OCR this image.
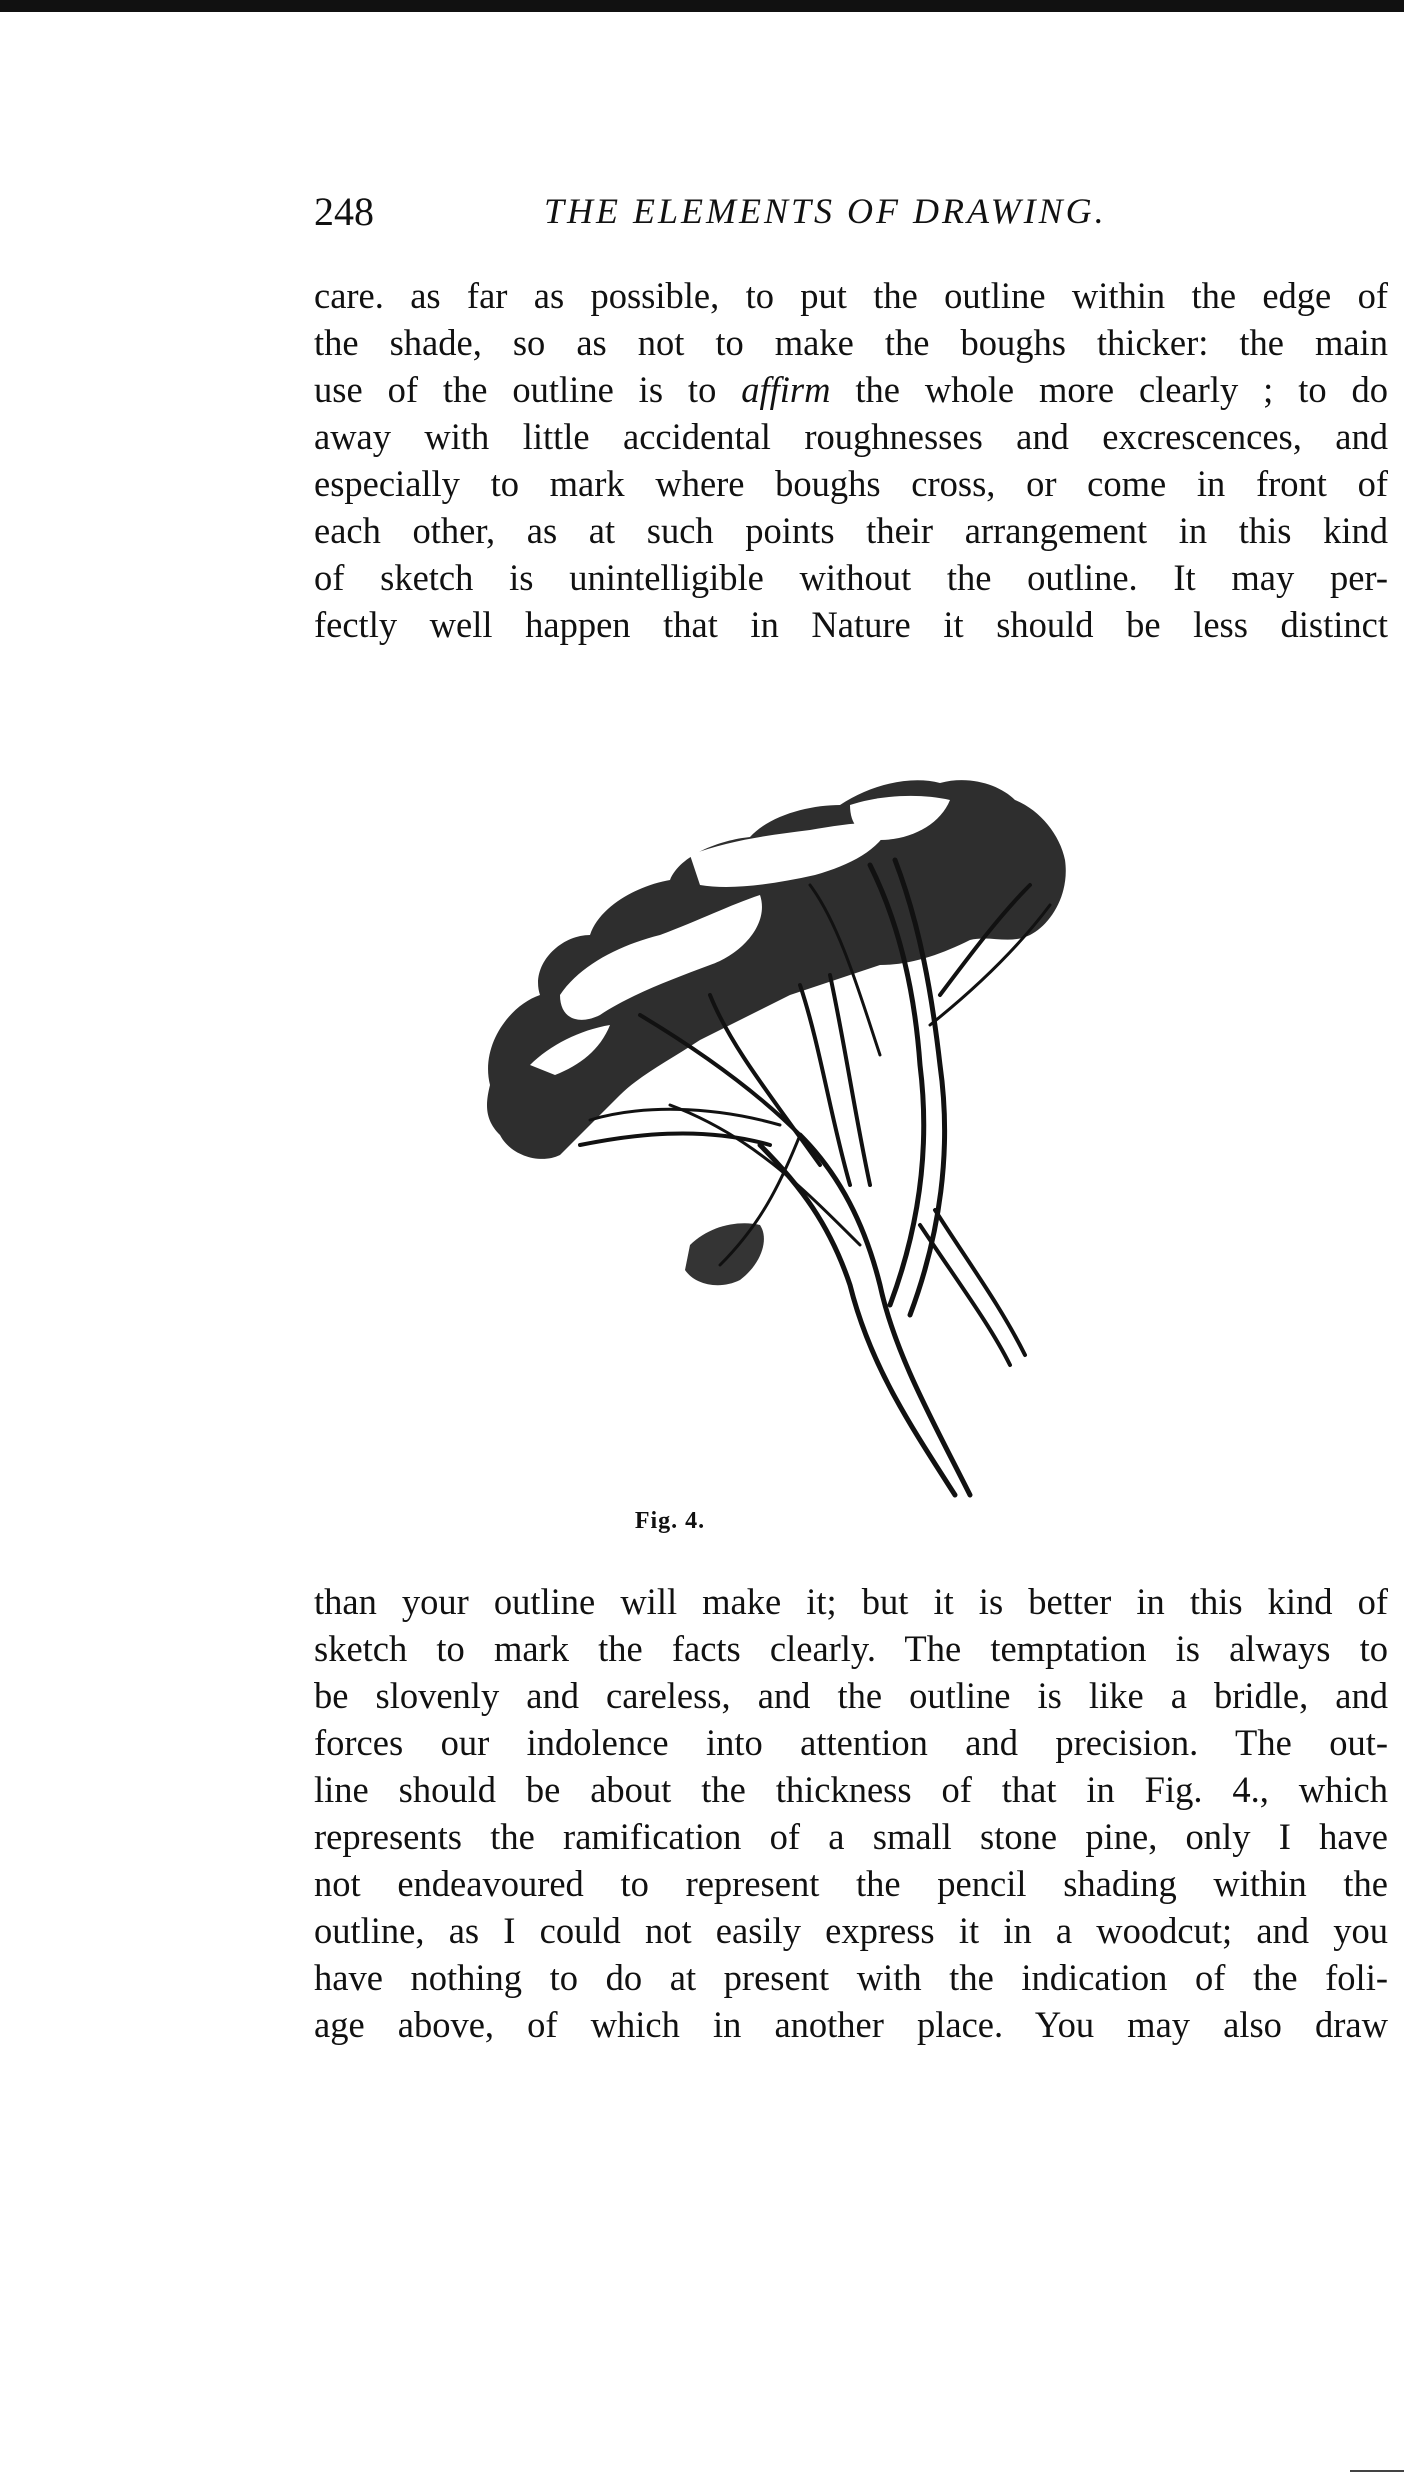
248	THE ELEMENTS OF DRAWING.
care. as far as possible, to put the outline within the edge of
the shade, so as not to make the boughs thicker: the main
use of the outline is to affirm the whole more clearly ; to do
away with little accidental roughnesses and excrescences, and
especially to mark where boughs cross, or come in front of
each other, as at such points their arrangement in this kind
of sketch is unintelligible without the outline. It may per-
fectly well happen that in Nature it should be less distinct
Fig. 4.
than your outline will make it; but it is better in this kind of
sketch to mark the facts clearly. The temptation is always to
be slovenly and careless, and the outline is like a bridle, and
forces our indolence into attention and precision. The out-
line should be about the thickness of that in Fig. 4., which
represents the ramification of a small stone pine, only I have
not endeavoured to represent the pencil shading within the
outline, as I could not easily express it in a woodcut; and you
have nothing to do at present with the indication of the foli-
age above, of which in another place. You may also draw
